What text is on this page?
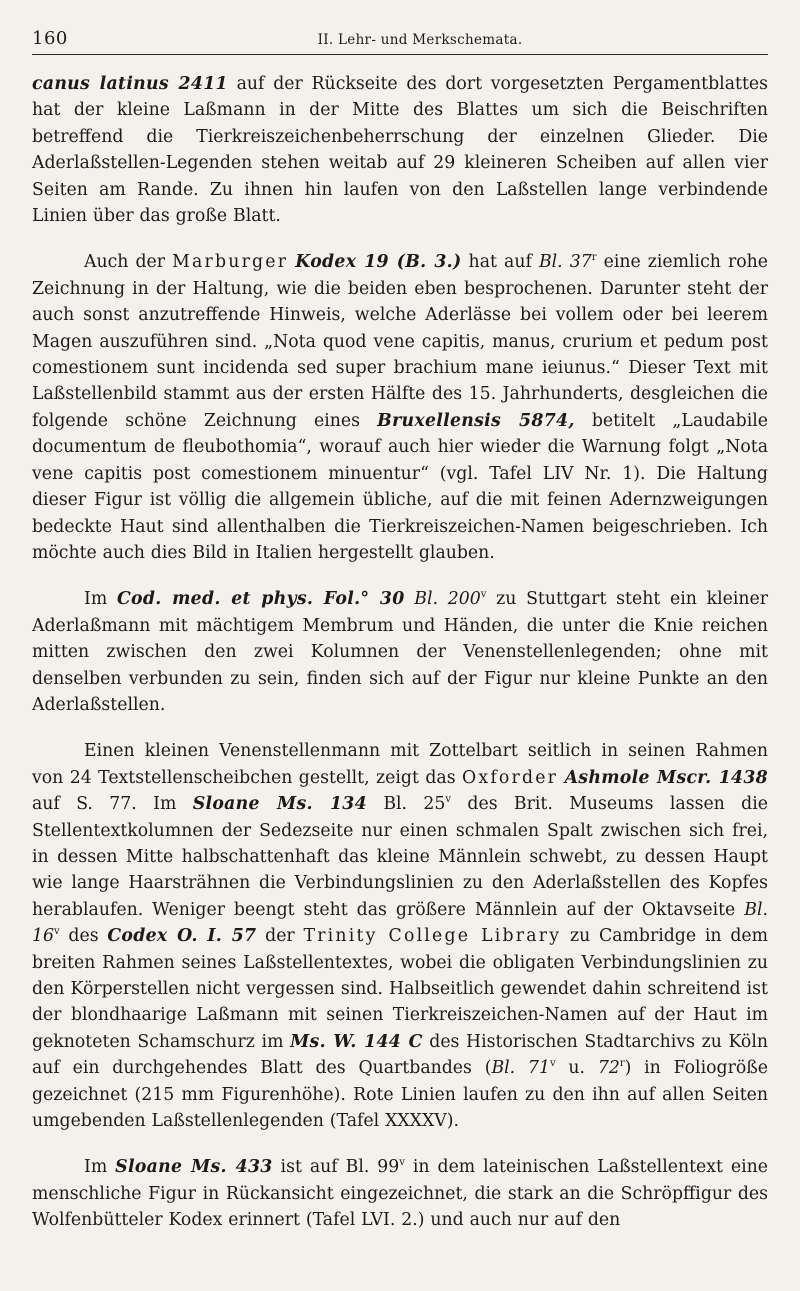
160	II. Lehr- und Merkschemata.

canus latinus 2411 auf der Rückseite des dort vorgesetzten Pergamentblattes hat der kleine Laßmann in der Mitte des Blattes um sich die Beischriften betreffend die Tierkreiszeichenbeherrschung der einzelnen Glieder. Die Aderlaßstellen-Legenden stehen weitab auf 29 kleineren Scheiben auf allen vier Seiten am Rande. Zu ihnen hin laufen von den Laßstellen lange verbindende Linien über das große Blatt.

Auch der Marburger Kodex 19 (B. 3.) hat auf Bl. 37$^r$ eine ziemlich rohe Zeichnung in der Haltung, wie die beiden eben besprochenen. Darunter steht der auch sonst anzutreffende Hinweis, welche Aderlässe bei vollem oder bei leerem Magen auszuführen sind. „Nota quod vene capitis, manus, crurium et pedum post comestionem sunt incidenda sed super brachium mane ieiunus.“ Dieser Text mit Laßstellenbild stammt aus der ersten Hälfte des 15. Jahrhunderts, desgleichen die folgende schöne Zeichnung eines Bruxellensis 5874, betitelt „Laudabile documentum de fleubothomia“, worauf auch hier wieder die Warnung folgt „Nota vene capitis post comestionem minuentur“ (vgl. Tafel LIV Nr. 1). Die Haltung dieser Figur ist völlig die allgemein übliche, auf die mit feinen Adernzweigungen bedeckte Haut sind allenthalben die Tierkreiszeichen-Namen beigeschrieben. Ich möchte auch dies Bild in Italien hergestellt glauben.

Im Cod. med. et phys. Fol.° 30 Bl. 200$^v$ zu Stuttgart steht ein kleiner Aderlaßmann mit mächtigem Membrum und Händen, die unter die Knie reichen mitten zwischen den zwei Kolumnen der Venenstellenlegenden; ohne mit denselben verbunden zu sein, finden sich auf der Figur nur kleine Punkte an den Aderlaßstellen.

Einen kleinen Venenstellenmann mit Zottelbart seitlich in seinen Rahmen von 24 Textstellenscheibchen gestellt, zeigt das Oxforder Ashmole Mscr. 1438 auf S. 77. Im Sloane Ms. 134 Bl. 25$^v$ des Brit. Museums lassen die Stellentextkolumnen der Sedezseite nur einen schmalen Spalt zwischen sich frei, in dessen Mitte halbschattenhaft das kleine Männlein schwebt, zu dessen Haupt wie lange Haarsträhnen die Verbindungslinien zu den Aderlaßstellen des Kopfes herablaufen. Weniger beengt steht das größere Männlein auf der Oktavseite Bl. 16$^v$ des Codex O. I. 57 der Trinity College Library zu Cambridge in dem breiten Rahmen seines Laßstellentextes, wobei die obligaten Verbindungslinien zu den Körperstellen nicht vergessen sind. Halbseitlich gewendet dahin schreitend ist der blondhaarige Laßmann mit seinen Tierkreiszeichen-Namen auf der Haut im geknoteten Schamschurz im Ms. W. 144 C des Historischen Stadtarchivs zu Köln auf ein durchgehendes Blatt des Quartbandes (Bl. 71$^v$ u. 72$^r$) in Foliogröße gezeichnet (215 mm Figurenhöhe). Rote Linien laufen zu den ihn auf allen Seiten umgebenden Laßstellenlegenden (Tafel XXXXV).

Im Sloane Ms. 433 ist auf Bl. 99$^v$ in dem lateinischen Laßstellentext eine menschliche Figur in Rückansicht eingezeichnet, die stark an die Schröpffigur des Wolfenbütteler Kodex erinnert (Tafel LVI. 2.) und auch nur auf den
